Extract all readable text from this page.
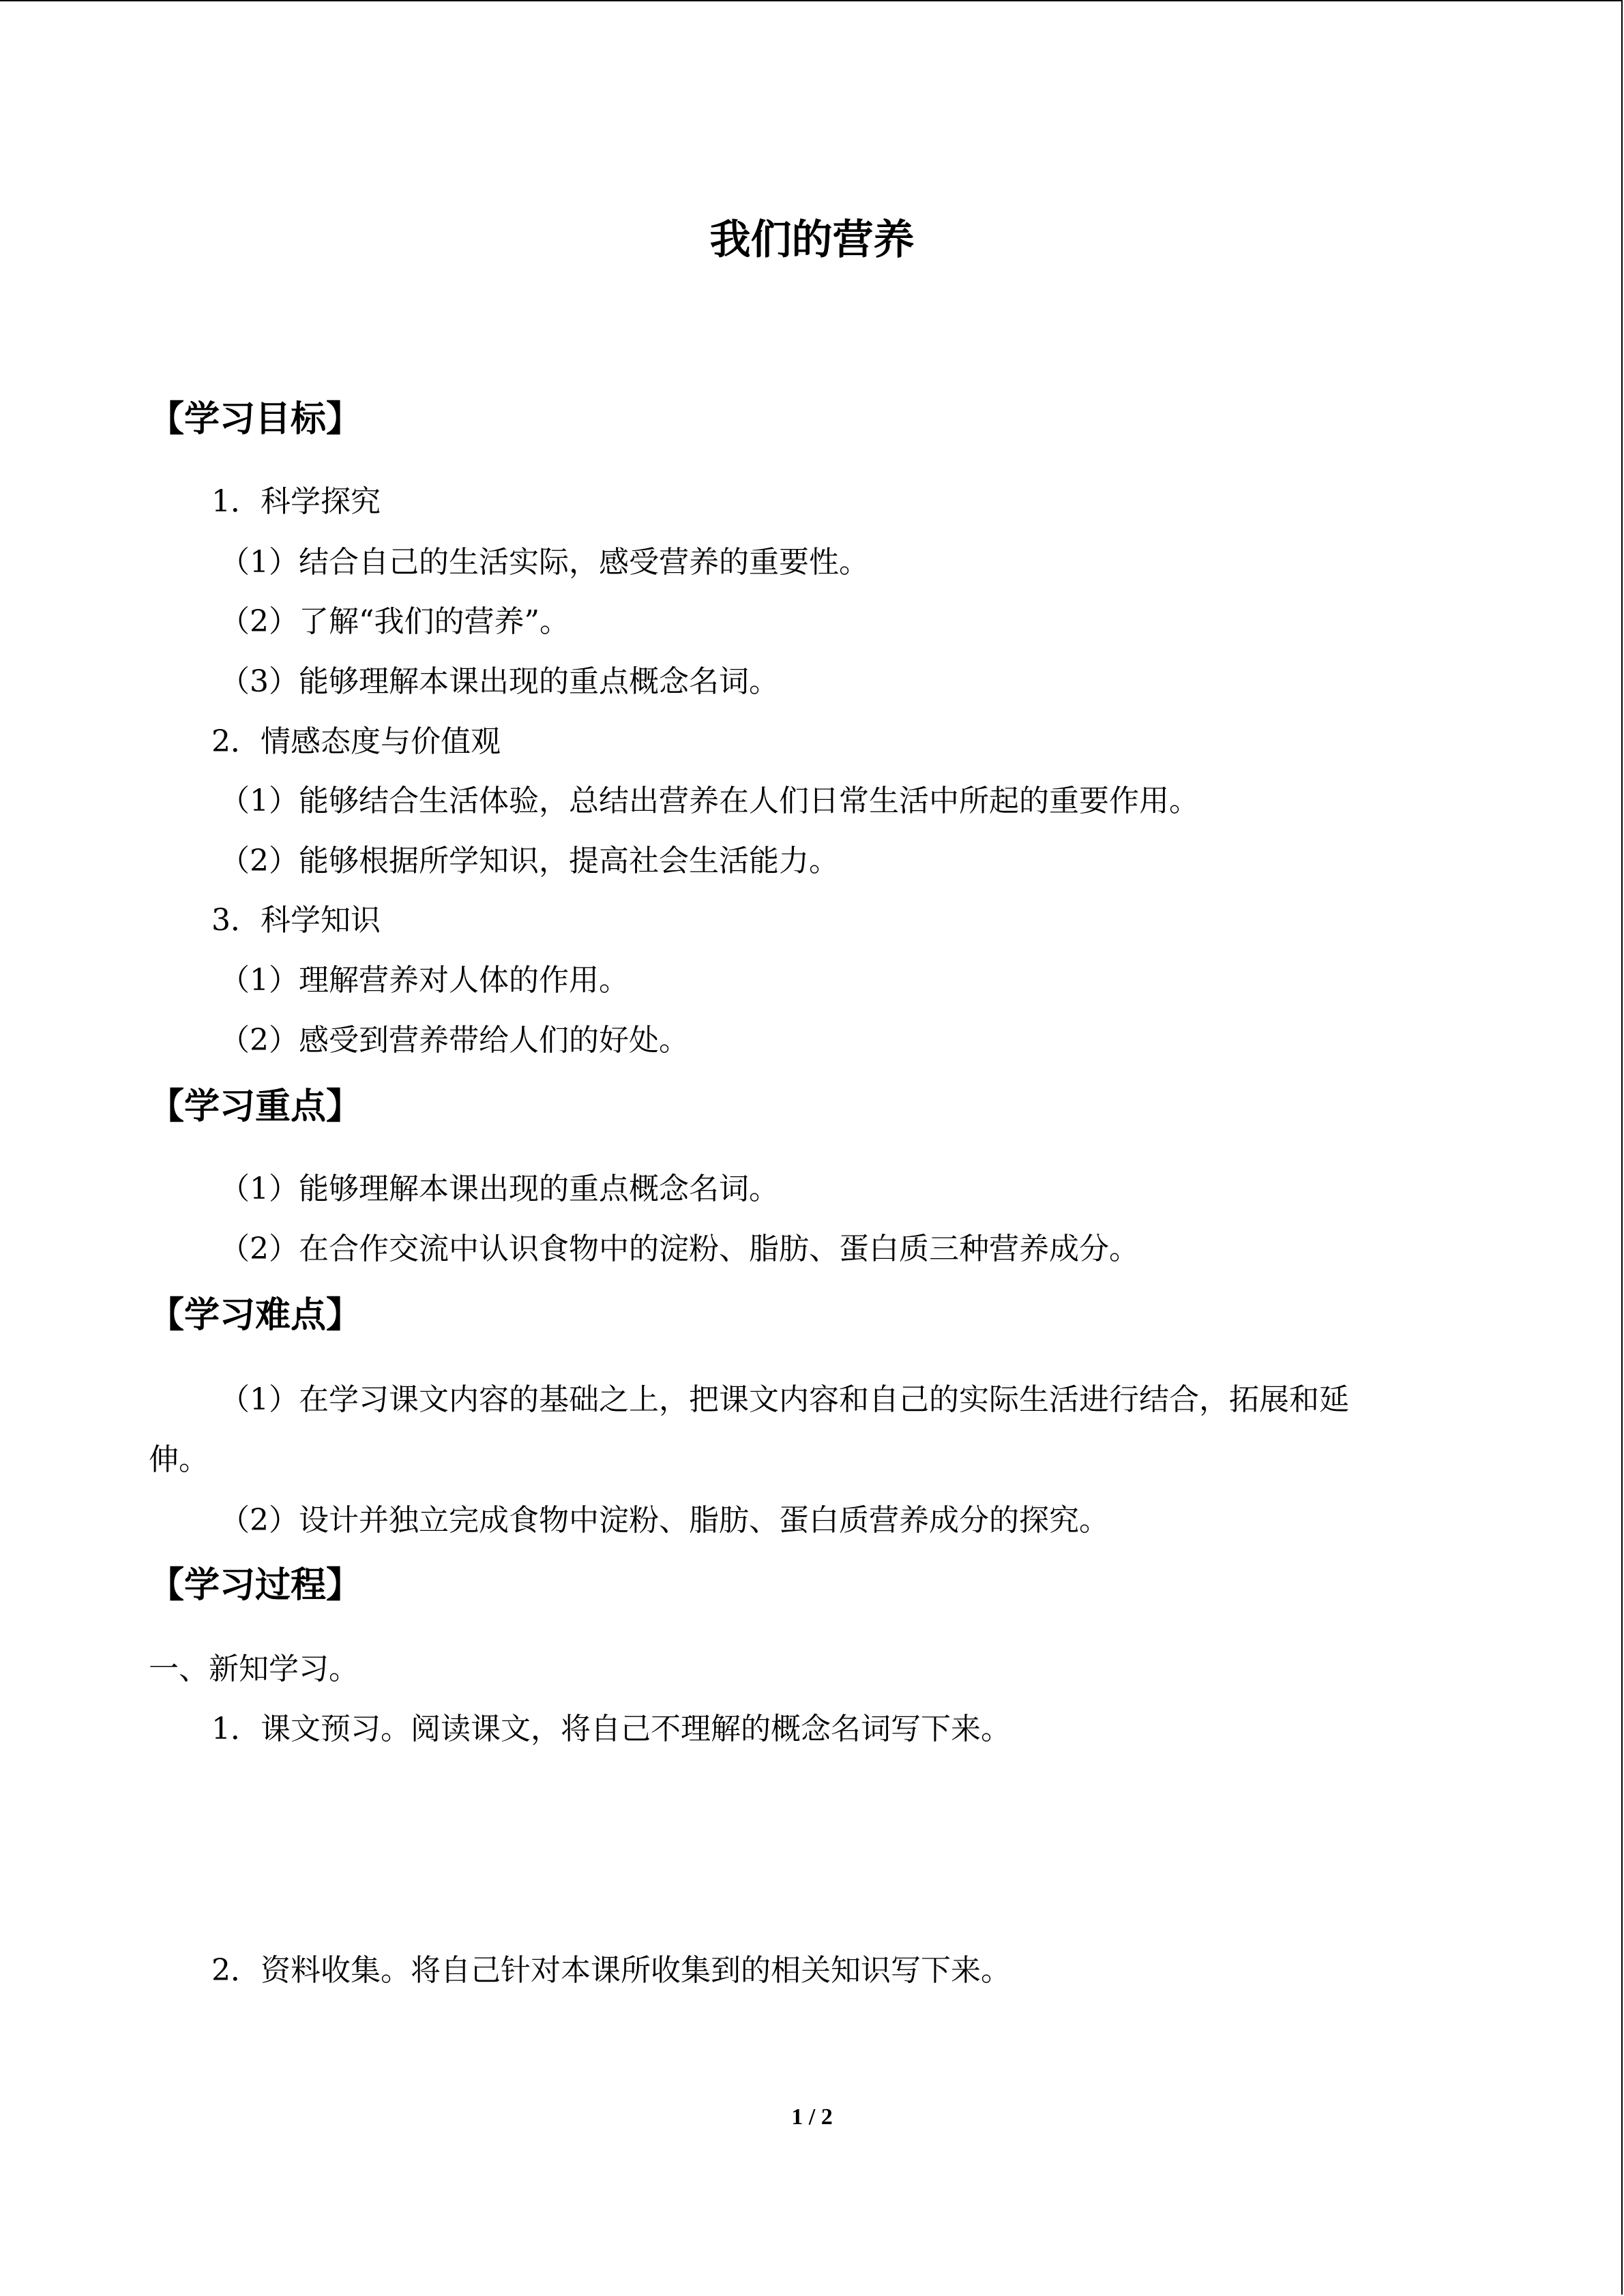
我们的营养
【学习目标】

1．科学探究

（1）结合自己的生活实际，感受营养的重要性。

（2）了解“我们的营养”。

（3）能够理解本课出现的重点概念名词。

2．情感态度与价值观

（1）能够结合生活体验，总结出营养在人们日常生活中所起的重要作用。

（2）能够根据所学知识，提高社会生活能力。

3．科学知识

（1）理解营养对人体的作用。

（2）感受到营养带给人们的好处。

【学习重点】

（1）能够理解本课出现的重点概念名词。

（2）在合作交流中认识食物中的淀粉、脂肪、蛋白质三种营养成分。

【学习难点】

（1）在学习课文内容的基础之上，把课文内容和自己的实际生活进行结合，拓展和延

伸。

（2）设计并独立完成食物中淀粉、脂肪、蛋白质营养成分的探究。

【学习过程】

一、新知学习。

1．课文预习。阅读课文，将自己不理解的概念名词写下来。

2．资料收集。将自己针对本课所收集到的相关知识写下来。

1 / 2
